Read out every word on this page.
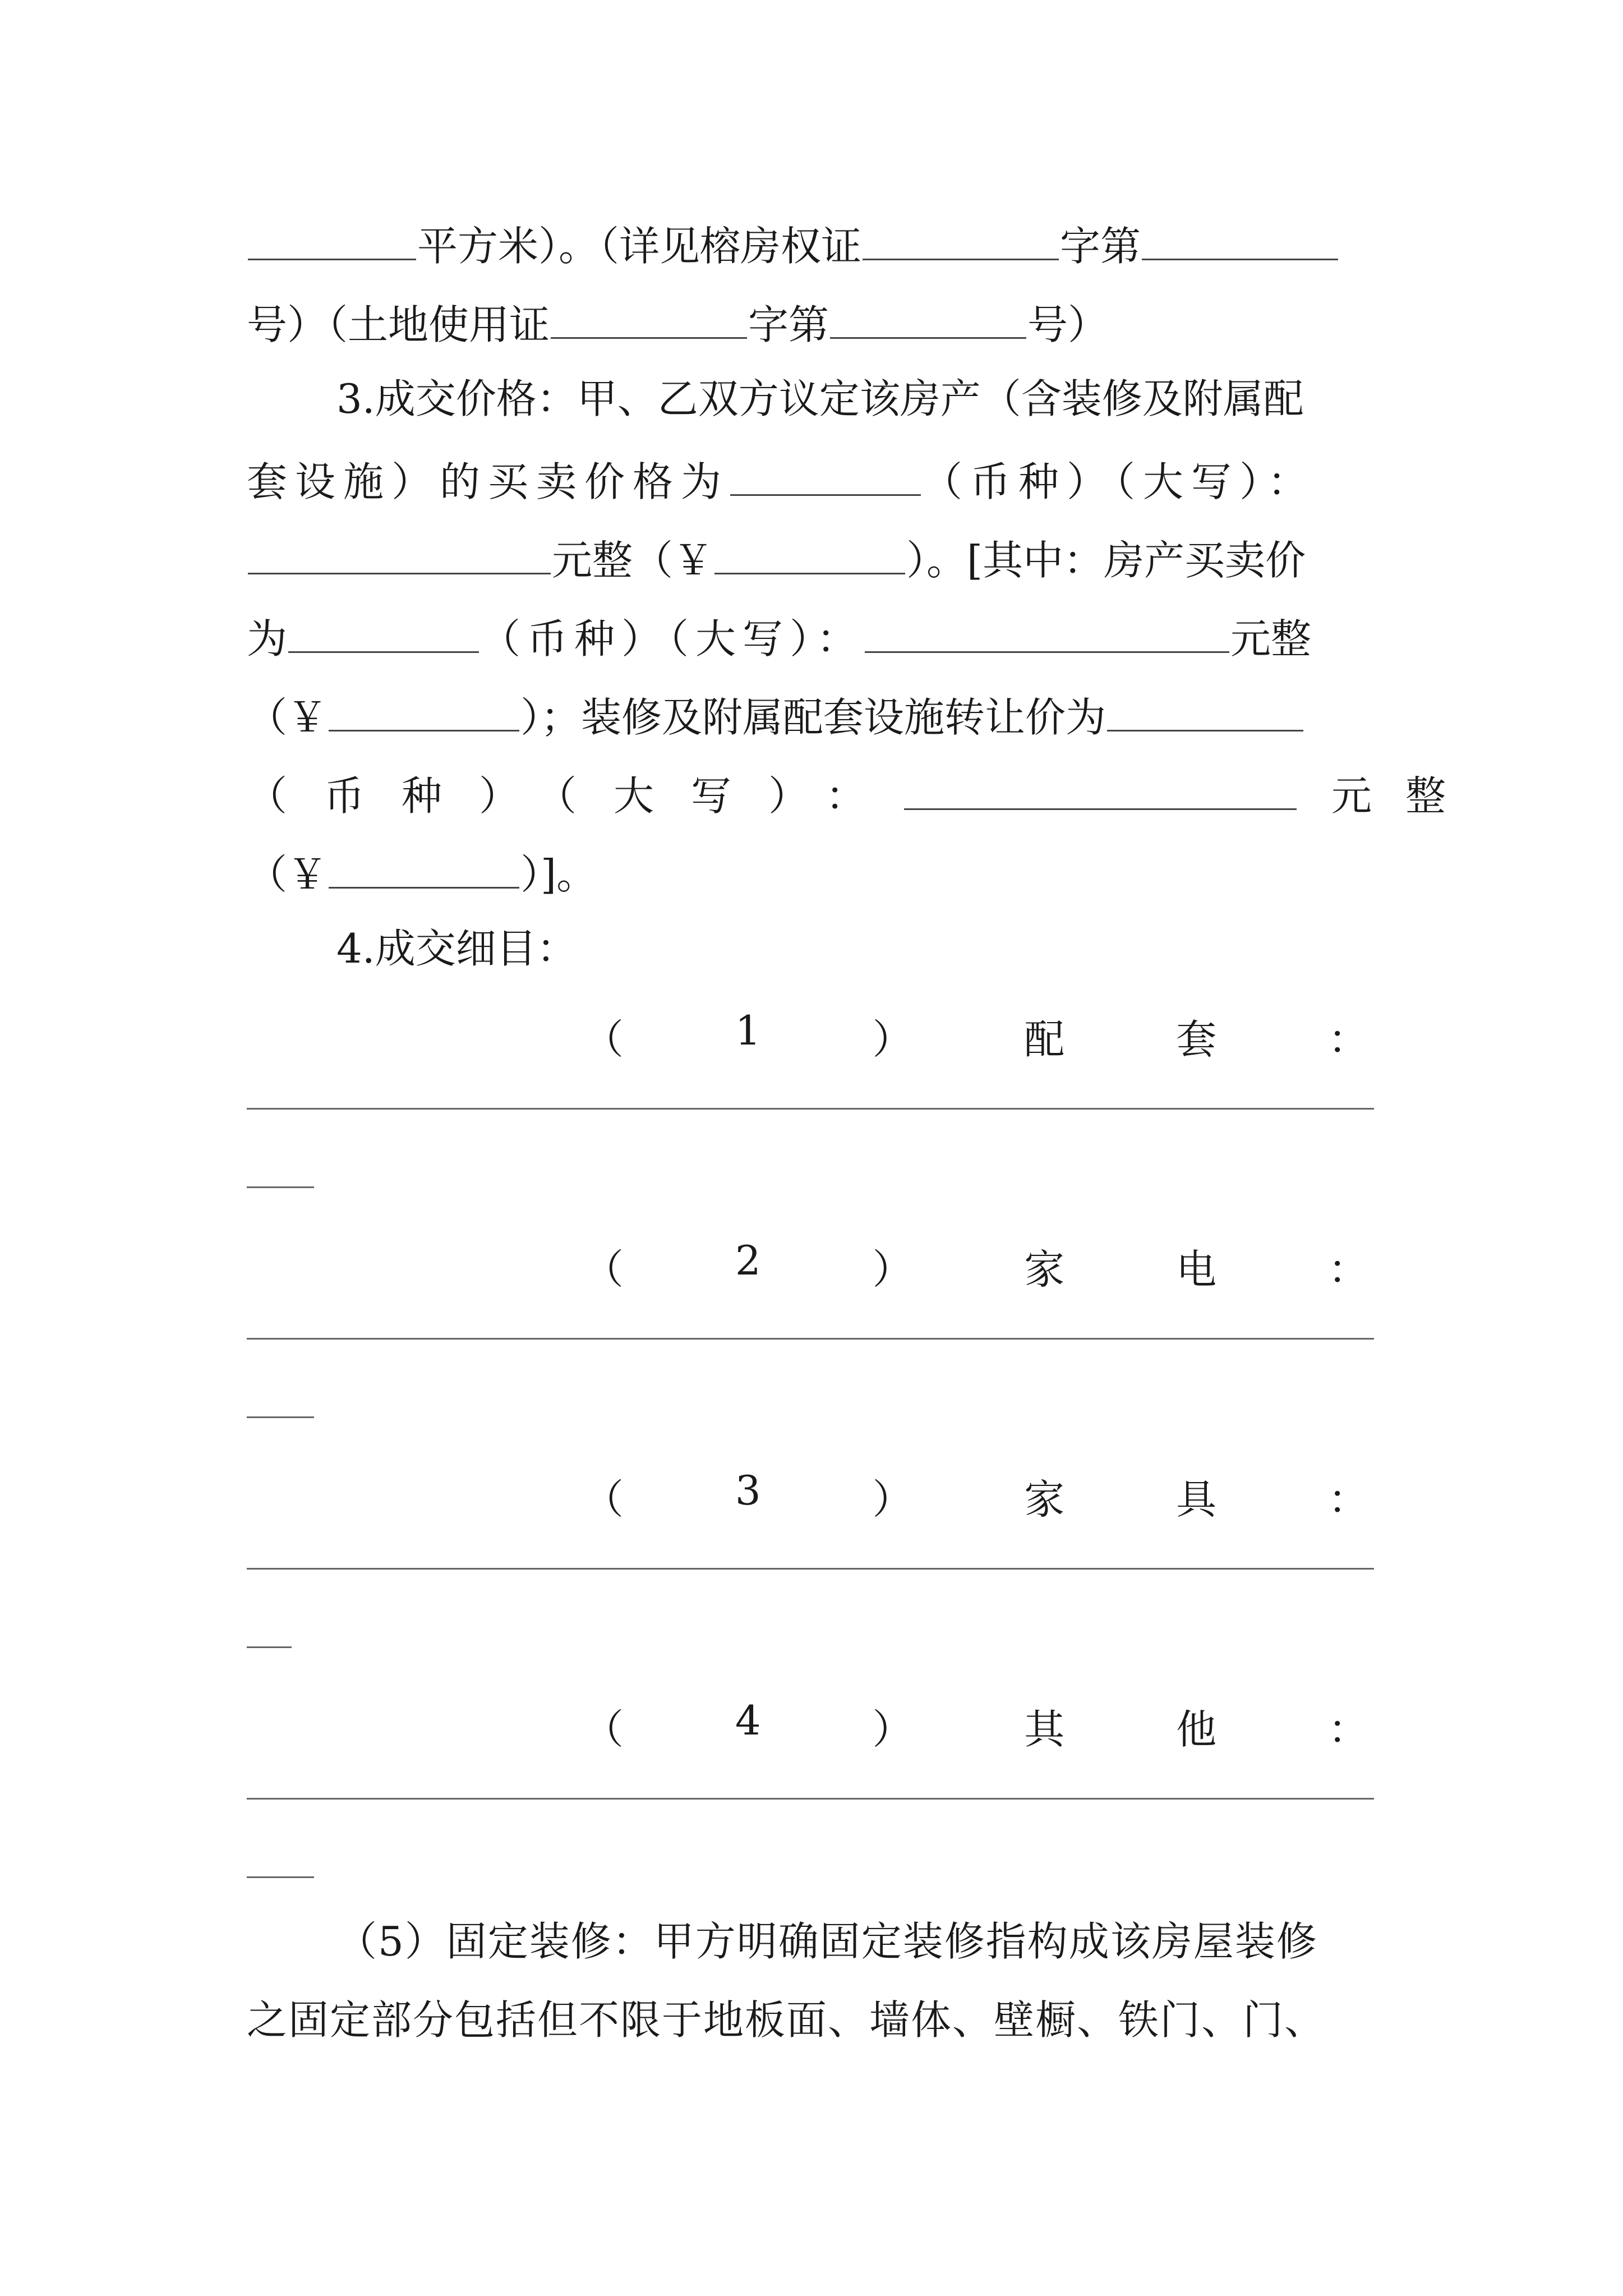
平方米）。（详见榕房权证	字第
号）（土地使用证	字第	号）
3.成交价格：甲、乙双方议定该房产（含装修及附属配
套设施）的买卖价格为	（币种）（大写）：
元整（￥	）。[其中：房产买卖价
为	（币种）（大写）：	元整
（￥	）；装修及附属配套设施转让价为
（币种）（大写）：	元整
（￥	）]。
4.成交细目：
（	1	）	配	套	：
（	2	）	家	电	：
（	3	）	家	具	：
（	4	）	其	他	：
（5）固定装修：甲方明确固定装修指构成该房屋装修
之固定部分包括但不限于地板面、墙体、壁橱、铁门、门、
